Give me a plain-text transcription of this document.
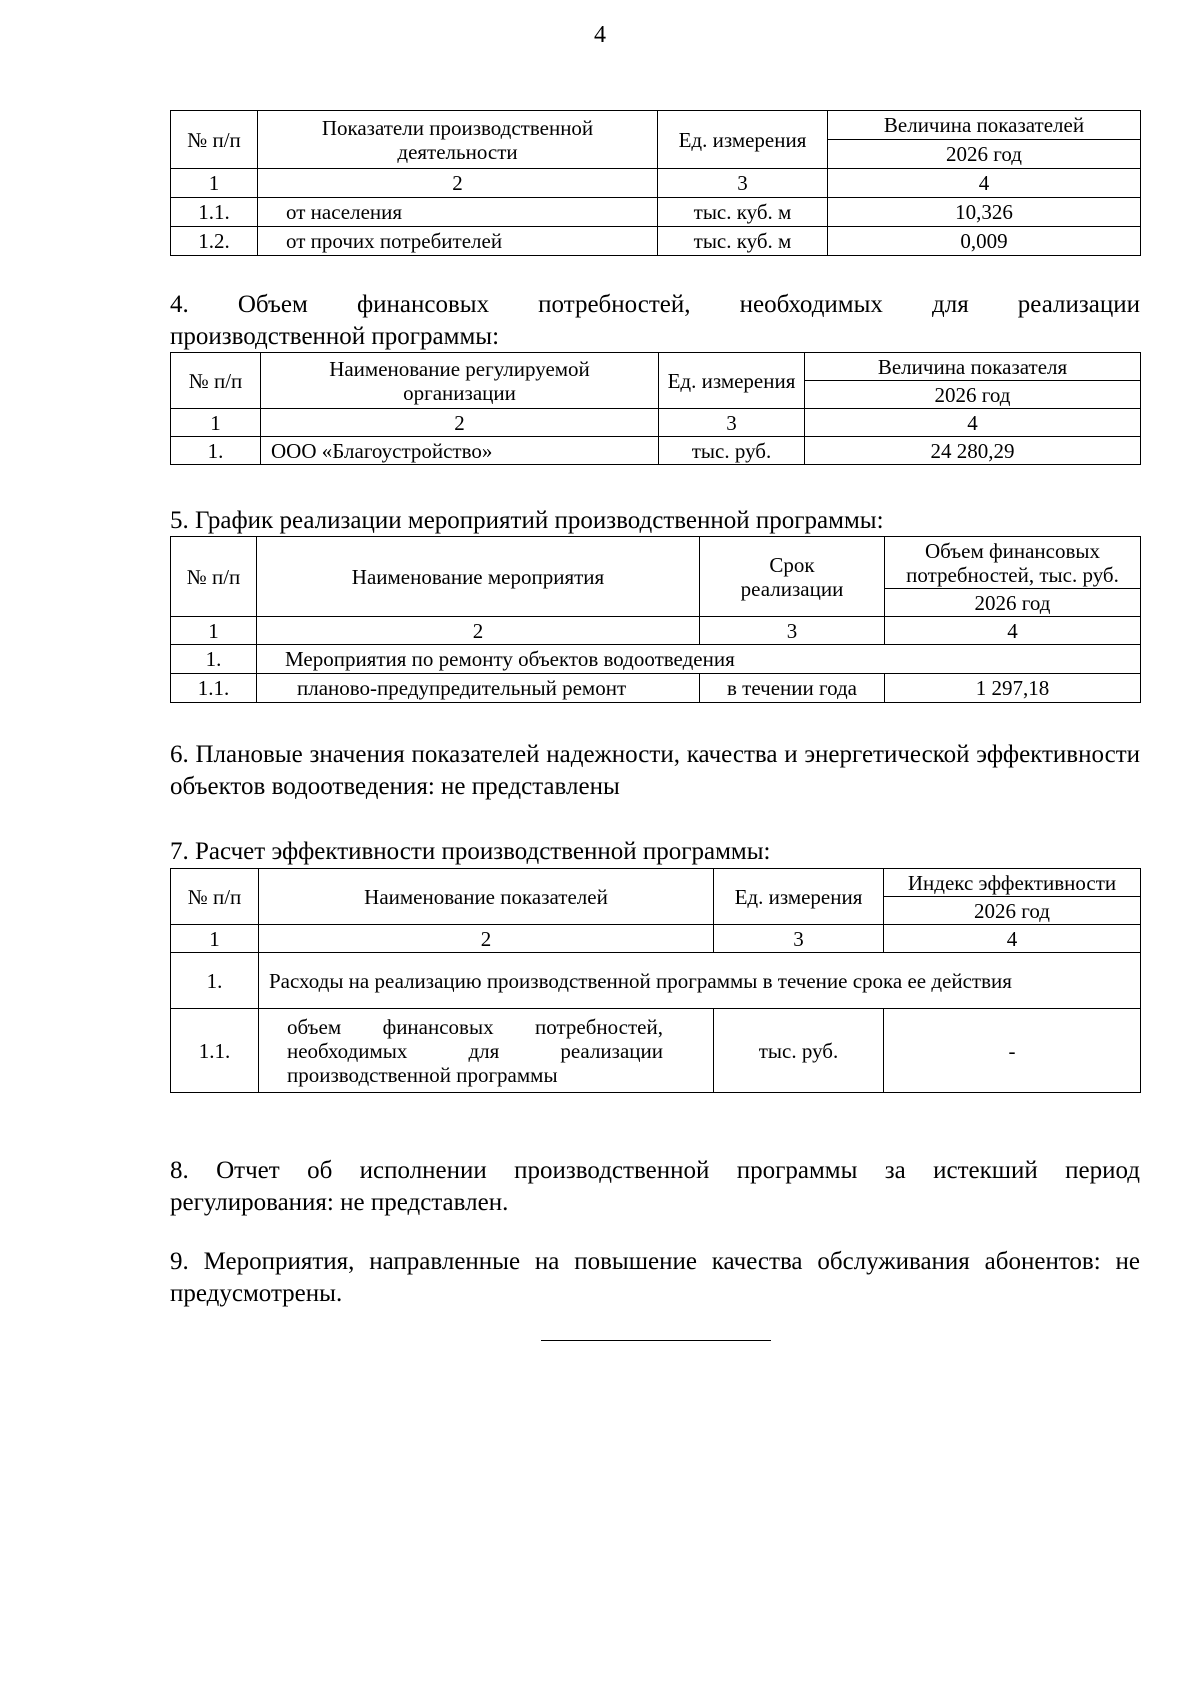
4
№ п/п	Показатели производственной деятельности	Ед. измерения	Величина показателей
			2026 год
1	2	3	4
1.1.	от населения	тыс. куб. м	10,326
1.2.	от прочих потребителей	тыс. куб. м	0,009
4. Объем финансовых потребностей, необходимых для реализации
производственной программы:
№ п/п	Наименование регулируемой организации	Ед. измерения	Величина показателя
			2026 год
1	2	3	4
1.	ООО «Благоустройство»	тыс. руб.	24 280,29
5. График реализации мероприятий производственной программы:
№ п/п	Наименование мероприятия	Срок реализации	Объем финансовых потребностей, тыс. руб.
			2026 год
1	2	3	4
1.	Мероприятия по ремонту объектов водоотведения		
1.1.	планово-предупредительный ремонт	в течении года	1 297,18
6. Плановые значения показателей надежности, качества и энергетической эффективности объектов водоотведения: не представлены
7. Расчет эффективности производственной программы:
№ п/п	Наименование показателей	Ед. измерения	Индекс эффективности
			2026 год
1	2	3	4
1.	Расходы на реализацию производственной программы в течение срока ее действия		
1.1.	объем финансовых потребностей, необходимых для реализации производственной программы	тыс. руб.	-
8. Отчет об исполнении производственной программы за истекший период регулирования: не представлен.
9. Мероприятия, направленные на повышение качества обслуживания абонентов: не предусмотрены.
